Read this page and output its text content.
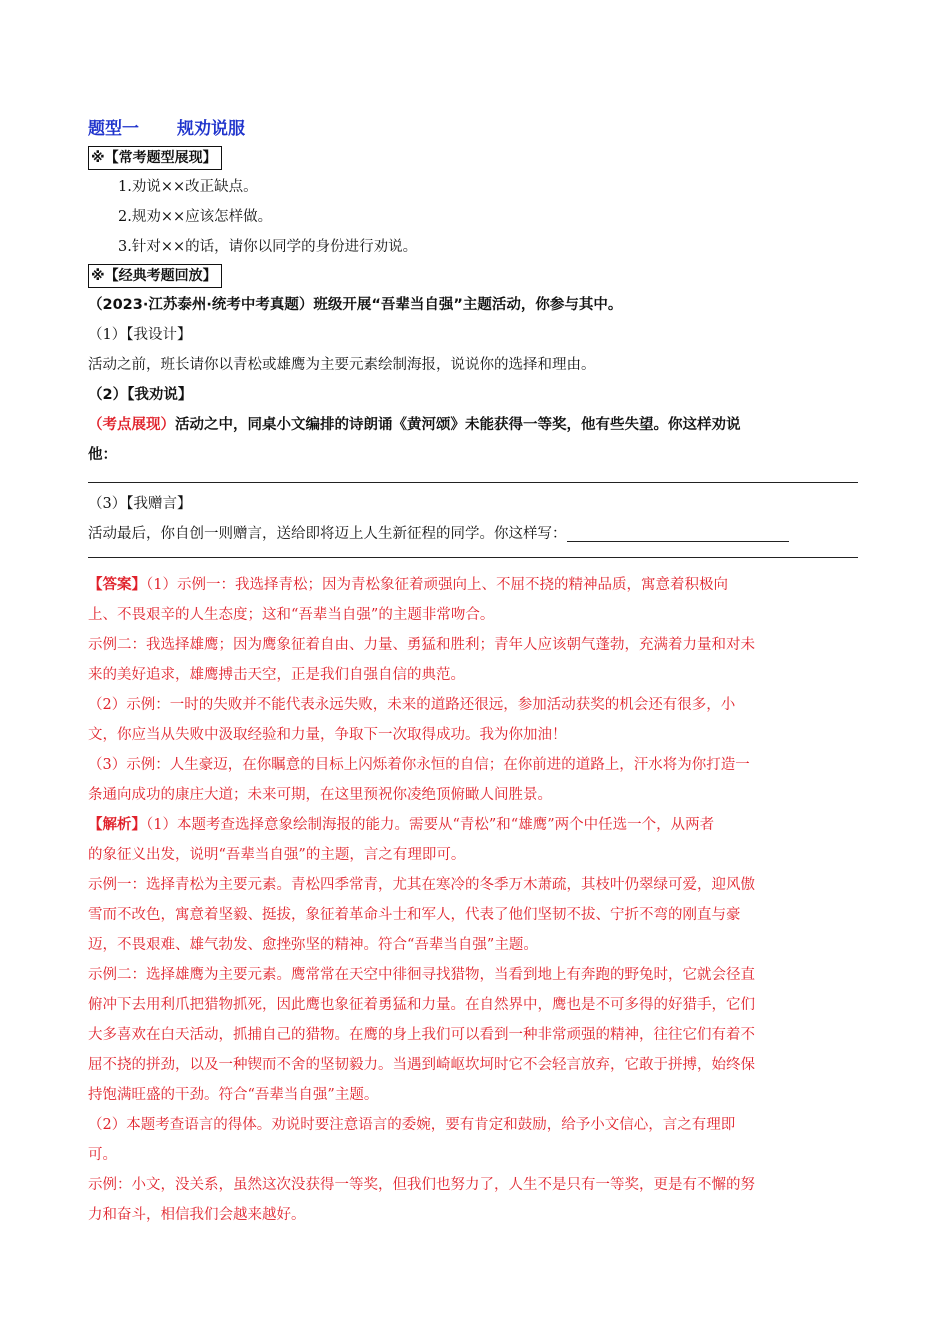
题型一 规劝说服
※【常考题型展现】
1.劝说××改正缺点。
2.规劝××应该怎样做。
3.针对××的话，请你以同学的身份进行劝说。
※【经典考题回放】
（2023·江苏泰州·统考中考真题）班级开展“吾辈当自强”主题活动，你参与其中。
（1）【我设计】
活动之前，班长请你以青松或雄鹰为主要元素绘制海报，说说你的选择和理由。
（2）【我劝说】
（考点展现）活动之中，同桌小文编排的诗朗诵《黄河颂》未能获得一等奖，他有些失望。你这样劝说
他：
（3）【我赠言】
活动最后，你自创一则赠言，送给即将迈上人生新征程的同学。你这样写：
【答案】（1）示例一：我选择青松；因为青松象征着顽强向上、不屈不挠的精神品质，寓意着积极向
上、不畏艰辛的人生态度；这和“吾辈当自强”的主题非常吻合。
示例二：我选择雄鹰；因为鹰象征着自由、力量、勇猛和胜利；青年人应该朝气蓬勃，充满着力量和对未
来的美好追求，雄鹰搏击天空，正是我们自强自信的典范。
（2）示例：一时的失败并不能代表永远失败，未来的道路还很远，参加活动获奖的机会还有很多，小
文，你应当从失败中汲取经验和力量，争取下一次取得成功。我为你加油！
（3）示例：人生豪迈，在你瞩意的目标上闪烁着你永恒的自信；在你前进的道路上，汗水将为你打造一
条通向成功的康庄大道；未来可期，在这里预祝你凌绝顶俯瞰人间胜景。
【解析】（1）本题考查选择意象绘制海报的能力。需要从“青松”和“雄鹰”两个中任选一个，从两者
的象征义出发，说明“吾辈当自强”的主题，言之有理即可。
示例一：选择青松为主要元素。青松四季常青，尤其在寒冷的冬季万木萧疏，其枝叶仍翠绿可爱，迎风傲
雪而不改色，寓意着坚毅、挺拔，象征着革命斗士和军人，代表了他们坚韧不拔、宁折不弯的刚直与豪
迈，不畏艰难、雄气勃发、愈挫弥坚的精神。符合“吾辈当自强”主题。
示例二：选择雄鹰为主要元素。鹰常常在天空中徘徊寻找猎物，当看到地上有奔跑的野兔时，它就会径直
俯冲下去用利爪把猎物抓死，因此鹰也象征着勇猛和力量。在自然界中，鹰也是不可多得的好猎手，它们
大多喜欢在白天活动，抓捕自己的猎物。在鹰的身上我们可以看到一种非常顽强的精神，往往它们有着不
屈不挠的拼劲，以及一种锲而不舍的坚韧毅力。当遇到崎岖坎坷时它不会轻言放弃，它敢于拼搏，始终保
持饱满旺盛的干劲。符合“吾辈当自强”主题。
（2）本题考查语言的得体。劝说时要注意语言的委婉，要有肯定和鼓励，给予小文信心，言之有理即
可。
示例：小文，没关系，虽然这次没获得一等奖，但我们也努力了，人生不是只有一等奖，更是有不懈的努
力和奋斗，相信我们会越来越好。
